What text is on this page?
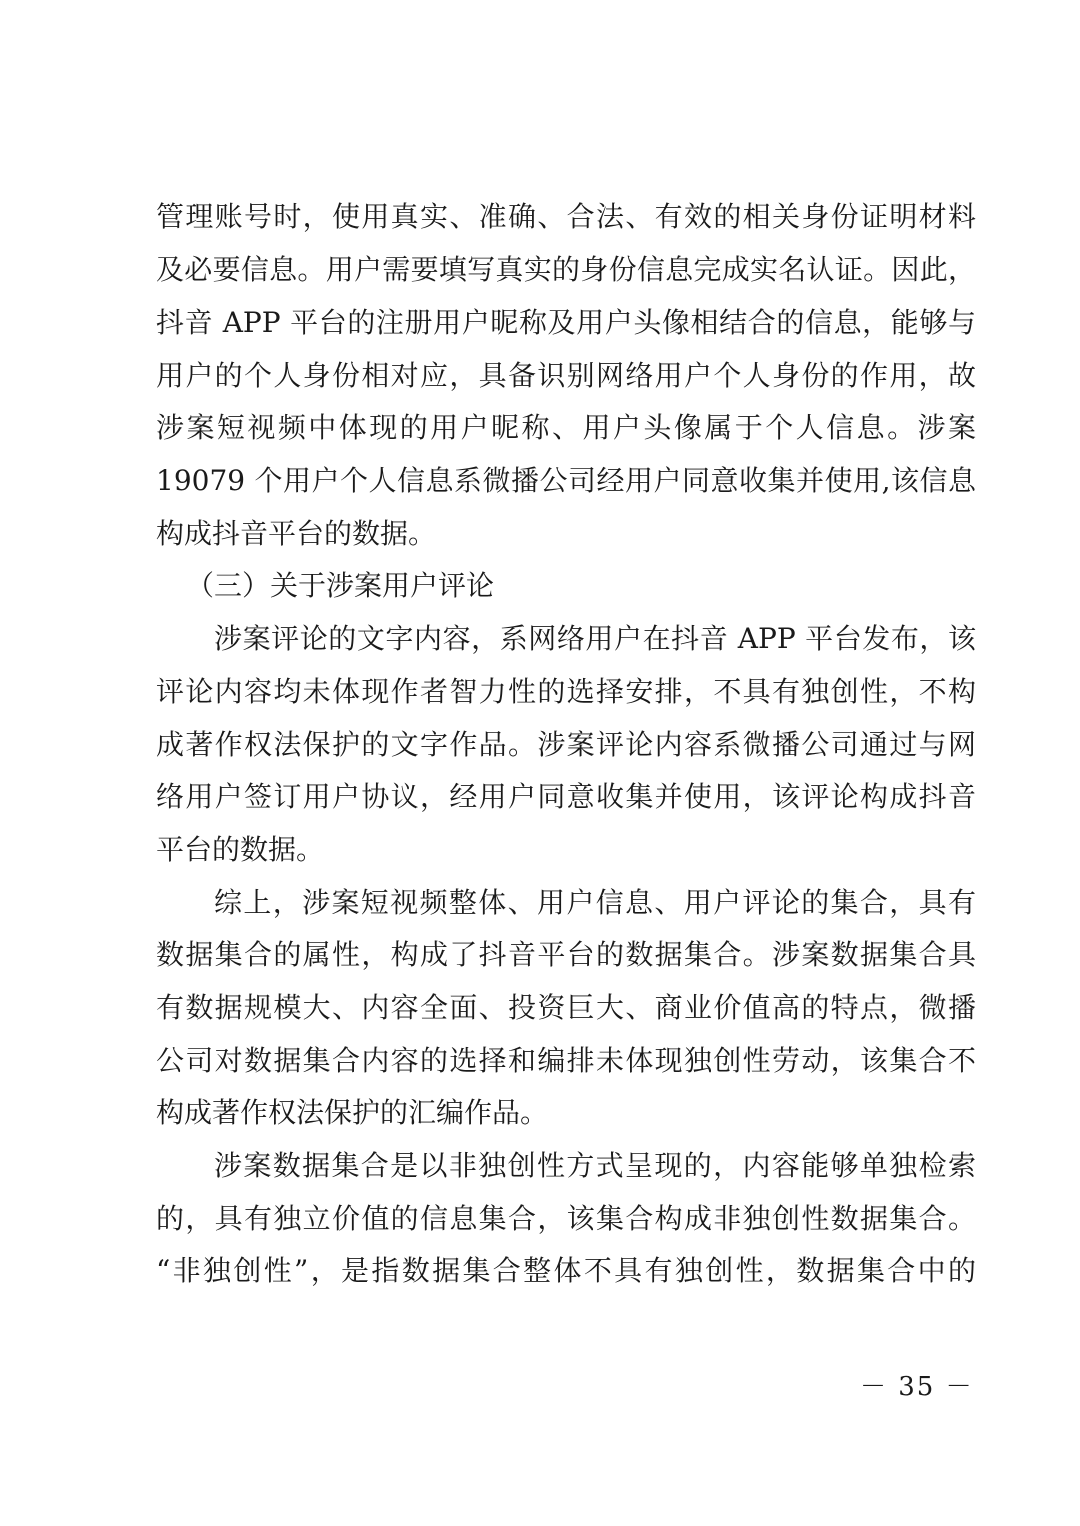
管理账号时，使用真实、准确、合法、有效的相关身份证明材料
及必要信息。用户需要填写真实的身份信息完成实名认证。因此，
抖音 APP 平台的注册用户昵称及用户头像相结合的信息，能够与
用户的个人身份相对应，具备识别网络用户个人身份的作用，故
涉案短视频中体现的用户昵称、用户头像属于个人信息。涉案
19079 个用户个人信息系微播公司经用户同意收集并使用,该信息
构成抖音平台的数据。
（三）关于涉案用户评论
涉案评论的文字内容，系网络用户在抖音 APP 平台发布，该
评论内容均未体现作者智力性的选择安排，不具有独创性，不构
成著作权法保护的文字作品。涉案评论内容系微播公司通过与网
络用户签订用户协议，经用户同意收集并使用，该评论构成抖音
平台的数据。
综上，涉案短视频整体、用户信息、用户评论的集合，具有
数据集合的属性，构成了抖音平台的数据集合。涉案数据集合具
有数据规模大、内容全面、投资巨大、商业价值高的特点，微播
公司对数据集合内容的选择和编排未体现独创性劳动，该集合不
构成著作权法保护的汇编作品。
涉案数据集合是以非独创性方式呈现的，内容能够单独检索
的，具有独立价值的信息集合，该集合构成非独创性数据集合。
“非独创性”，是指数据集合整体不具有独创性，数据集合中的
－ 35 －
